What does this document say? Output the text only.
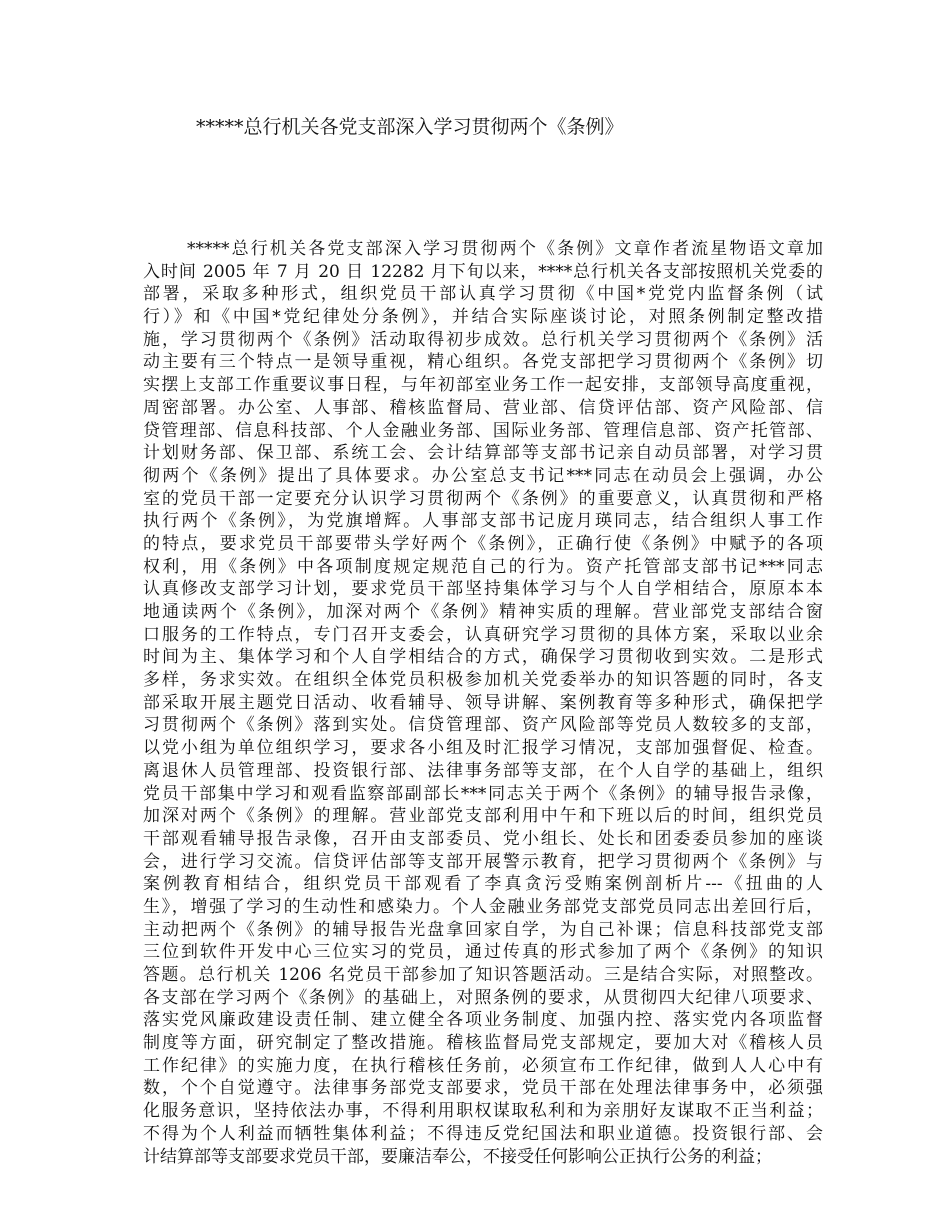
*****总行机关各党支部深入学习贯彻两个《条例》
*****总行机关各党支部深入学习贯彻两个《条例》文章作者流星物语文章加
入时间 2005 年 7 月 20 日 12282 月下旬以来，****总行机关各支部按照机关党委的
部署，采取多种形式，组织党员干部认真学习贯彻《中国*党党内监督条例（试
行）》和《中国*党纪律处分条例》，并结合实际座谈讨论，对照条例制定整改措
施，学习贯彻两个《条例》活动取得初步成效。总行机关学习贯彻两个《条例》活
动主要有三个特点一是领导重视，精心组织。各党支部把学习贯彻两个《条例》切
实摆上支部工作重要议事日程，与年初部室业务工作一起安排，支部领导高度重视，
周密部署。办公室、人事部、稽核监督局、营业部、信贷评估部、资产风险部、信
贷管理部、信息科技部、个人金融业务部、国际业务部、管理信息部、资产托管部、
计划财务部、保卫部、系统工会、会计结算部等支部书记亲自动员部署，对学习贯
彻两个《条例》提出了具体要求。办公室总支书记***同志在动员会上强调，办公
室的党员干部一定要充分认识学习贯彻两个《条例》的重要意义，认真贯彻和严格
执行两个《条例》，为党旗增辉。人事部支部书记庞月瑛同志，结合组织人事工作
的特点，要求党员干部要带头学好两个《条例》，正确行使《条例》中赋予的各项
权利，用《条例》中各项制度规定规范自己的行为。资产托管部支部书记***同志
认真修改支部学习计划，要求党员干部坚持集体学习与个人自学相结合，原原本本
地通读两个《条例》，加深对两个《条例》精神实质的理解。营业部党支部结合窗
口服务的工作特点，专门召开支委会，认真研究学习贯彻的具体方案，采取以业余
时间为主、集体学习和个人自学相结合的方式，确保学习贯彻收到实效。二是形式
多样，务求实效。在组织全体党员积极参加机关党委举办的知识答题的同时，各支
部采取开展主题党日活动、收看辅导、领导讲解、案例教育等多种形式，确保把学
习贯彻两个《条例》落到实处。信贷管理部、资产风险部等党员人数较多的支部，
以党小组为单位组织学习，要求各小组及时汇报学习情况，支部加强督促、检查。
离退休人员管理部、投资银行部、法律事务部等支部，在个人自学的基础上，组织
党员干部集中学习和观看监察部副部长***同志关于两个《条例》的辅导报告录像，
加深对两个《条例》的理解。营业部党支部利用中午和下班以后的时间，组织党员
干部观看辅导报告录像，召开由支部委员、党小组长、处长和团委委员参加的座谈
会，进行学习交流。信贷评估部等支部开展警示教育，把学习贯彻两个《条例》与
案例教育相结合，组织党员干部观看了李真贪污受贿案例剖析片---《扭曲的人
生》，增强了学习的生动性和感染力。个人金融业务部党支部党员同志出差回行后，
主动把两个《条例》的辅导报告光盘拿回家自学，为自己补课；信息科技部党支部
三位到软件开发中心三位实习的党员，通过传真的形式参加了两个《条例》的知识
答题。总行机关 1206 名党员干部参加了知识答题活动。三是结合实际，对照整改。
各支部在学习两个《条例》的基础上，对照条例的要求，从贯彻四大纪律八项要求、
落实党风廉政建设责任制、建立健全各项业务制度、加强内控、落实党内各项监督
制度等方面，研究制定了整改措施。稽核监督局党支部规定，要加大对《稽核人员
工作纪律》的实施力度，在执行稽核任务前，必须宣布工作纪律，做到人人心中有
数，个个自觉遵守。法律事务部党支部要求，党员干部在处理法律事务中，必须强
化服务意识，坚持依法办事，不得利用职权谋取私利和为亲朋好友谋取不正当利益；
不得为个人利益而牺牲集体利益；不得违反党纪国法和职业道德。投资银行部、会
计结算部等支部要求党员干部，要廉洁奉公，不接受任何影响公正执行公务的利益；
